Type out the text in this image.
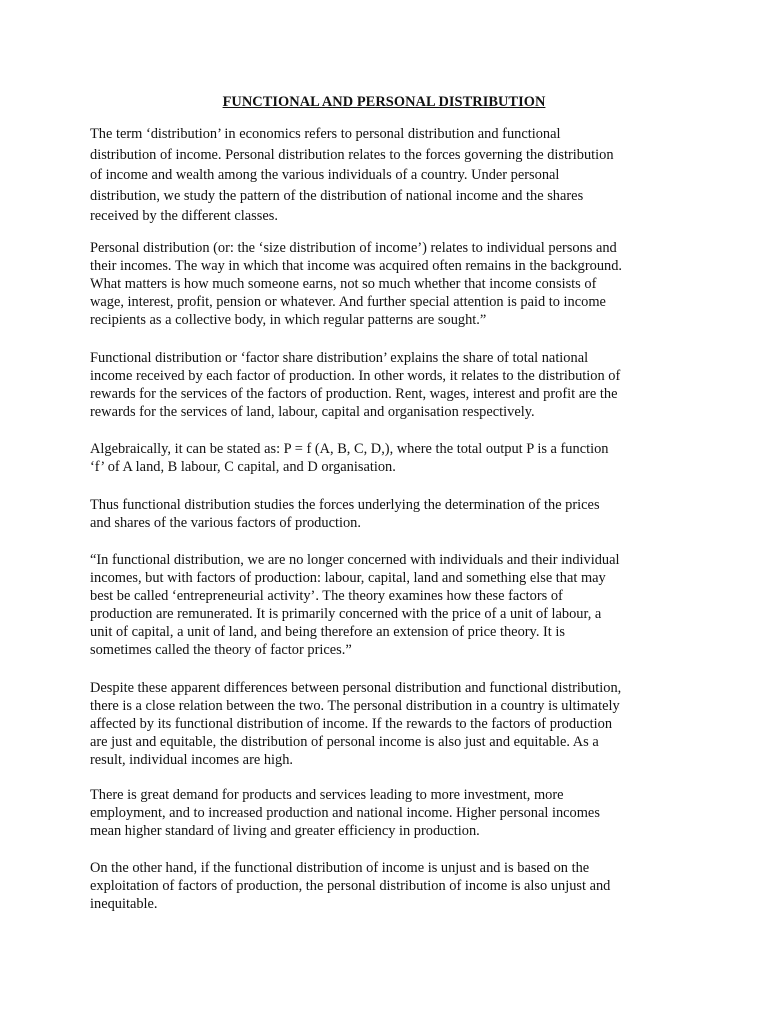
FUNCTIONAL AND PERSONAL DISTRIBUTION
The term ‘distribution’ in economics refers to personal distribution and functional
distribution of income. Personal distribution relates to the forces governing the distribution
of income and wealth among the various individuals of a country. Under personal
distribution, we study the pattern of the distribution of national income and the shares
received by the different classes.
Personal distribution (or: the ‘size distribution of income’) relates to individual persons and
their incomes. The way in which that income was acquired often remains in the background.
What matters is how much someone earns, not so much whether that income consists of
wage, interest, profit, pension or whatever. And further special attention is paid to income
recipients as a collective body, in which regular patterns are sought.”
Functional distribution or ‘factor share distribution’ explains the share of total national
income received by each factor of production. In other words, it relates to the distribution of
rewards for the services of the factors of production. Rent, wages, interest and profit are the
rewards for the services of land, labour, capital and organisation respectively.
Algebraically, it can be stated as: P = f (A, B, C, D,), where the total output P is a function
‘f’ of A land, B labour, C capital, and D organisation.
Thus functional distribution studies the forces underlying the determination of the prices
and shares of the various factors of production.
“In functional distribution, we are no longer concerned with individuals and their individual
incomes, but with factors of production: labour, capital, land and something else that may
best be called ‘entrepreneurial activity’. The theory examines how these factors of
production are remunerated. It is primarily concerned with the price of a unit of labour, a
unit of capital, a unit of land, and being therefore an extension of price theory. It is
sometimes called the theory of factor prices.”
Despite these apparent differences between personal distribution and functional distribution,
there is a close relation between the two. The personal distribution in a country is ultimately
affected by its functional distribution of income. If the rewards to the factors of production
are just and equitable, the distribution of personal income is also just and equitable. As a
result, individual incomes are high.
There is great demand for products and services leading to more investment, more
employment, and to increased production and national income. Higher personal incomes
mean higher standard of living and greater efficiency in production.
On the other hand, if the functional distribution of income is unjust and is based on the
exploitation of factors of production, the personal distribution of income is also unjust and
inequitable.
